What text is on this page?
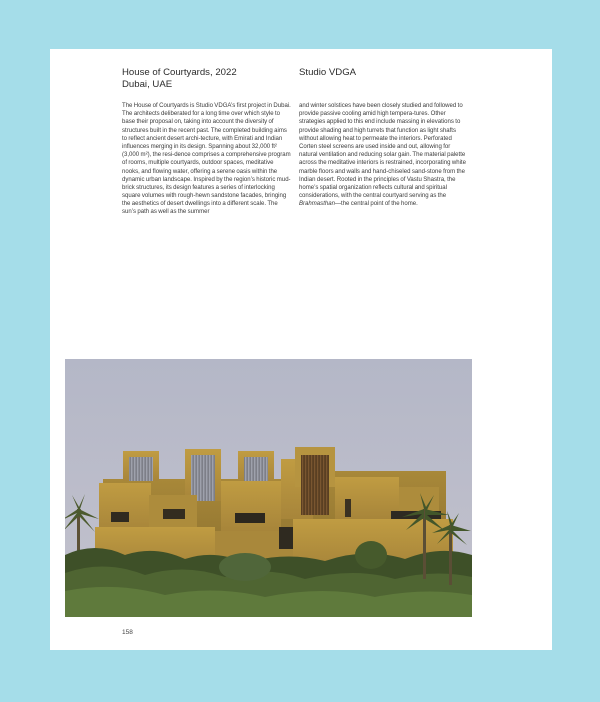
House of Courtyards, 2022
Dubai, UAE
Studio VDGA
The House of Courtyards is Studio VDGA’s first project in Dubai. The architects deliberated for a long time over which style to base their proposal on, taking into account the diversity of structures built in the recent past. The completed building aims to reflect ancient desert archi-tecture, with Emirati and Indian influences merging in its design. Spanning about 32,000 ft² (3,000 m²), the resi-dence comprises a comprehensive program of rooms, multiple courtyards, outdoor spaces, meditative nooks, and flowing water, offering a serene oasis within the dynamic urban landscape. Inspired by the region’s historic mud-brick structures, its design features a series of interlocking square volumes with rough-hewn sandstone facades, bringing the aesthetics of desert dwellings into a different scale. The sun’s path as well as the summer
and winter solstices have been closely studied and followed to provide passive cooling amid high tempera-tures. Other strategies applied to this end include massing in elevations to provide shading and high turrets that function as light shafts without allowing heat to permeate the interiors. Perforated Corten steel screens are used inside and out, allowing for natural ventilation and reducing solar gain. The material palette across the meditative interiors is restrained, incorporating white marble floors and walls and hand-chiseled sand-stone from the Indian desert. Rooted in the principles of Vastu Shastra, the home’s spatial organization reflects cultural and spiritual considerations, with the central courtyard serving as the Brahmasthan—the central point of the home.
158
